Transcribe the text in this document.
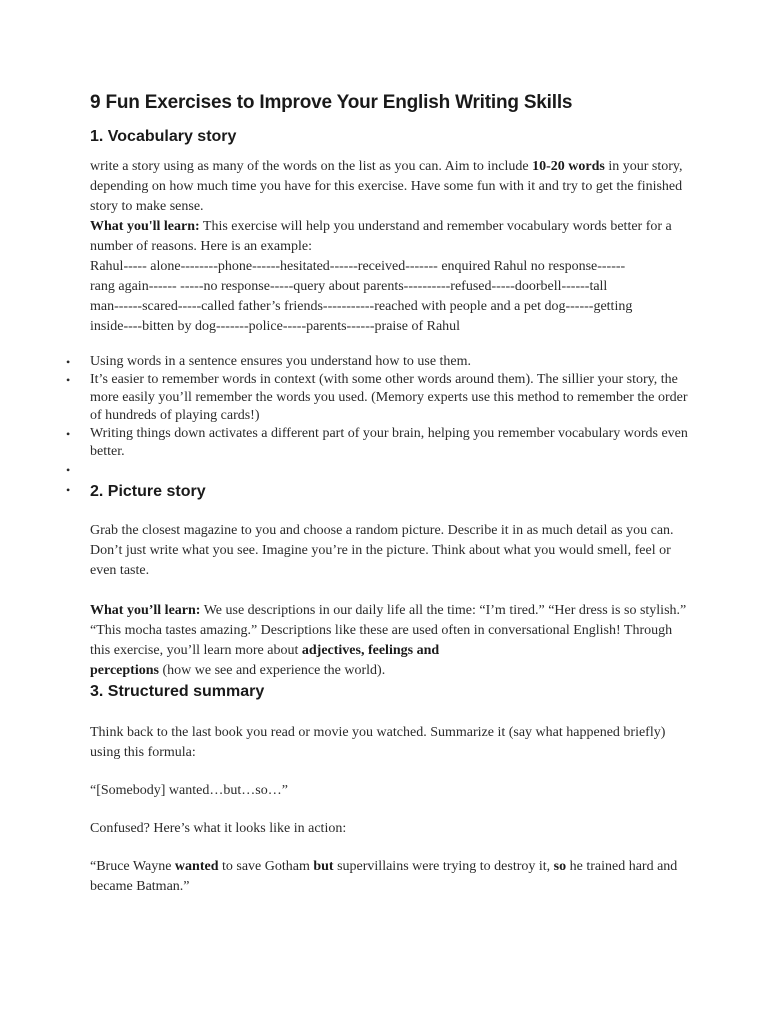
9 Fun Exercises to Improve Your English Writing Skills
1. Vocabulary story

write a story using as many of the words on the list as you can. Aim to include 10-20 words in your story, depending on how much time you have for this exercise. Have some fun with it and try to get the finished story to make sense.

What you'll learn: This exercise will help you understand and remember vocabulary words better for a number of reasons. Here is an example:

Rahul----- alone--------phone------hesitated------received------- enquired Rahul no response------
rang again------ -----no response-----query about parents----------refused-----doorbell------tall
man------scared-----called father’s friends-----------reached with people and a pet dog------getting
inside----bitten by dog-------police-----parents------praise of Rahul

• Using words in a sentence ensures you understand how to use them.
• It’s easier to remember words in context (with some other words around them). The sillier your story, the more easily you’ll remember the words you used. (Memory experts use this method to remember the order of hundreds of playing cards!)
• Writing things down activates a different part of your brain, helping you remember vocabulary words even better.
•
• 2. Picture story

Grab the closest magazine to you and choose a random picture. Describe it in as much detail as you can. Don’t just write what you see. Imagine you’re in the picture. Think about what you would smell, feel or even taste.

What you’ll learn: We use descriptions in our daily life all the time: “I’m tired.” “Her dress is so stylish.” “This mocha tastes amazing.” Descriptions like these are used often in conversational English! Through this exercise, you’ll learn more about adjectives, feelings and
perceptions (how we see and experience the world).

3. Structured summary

Think back to the last book you read or movie you watched. Summarize it (say what happened briefly) using this formula:

“[Somebody] wanted…but…so…”

Confused? Here’s what it looks like in action:

“Bruce Wayne wanted to save Gotham but supervillains were trying to destroy it, so he trained hard and became Batman.”
